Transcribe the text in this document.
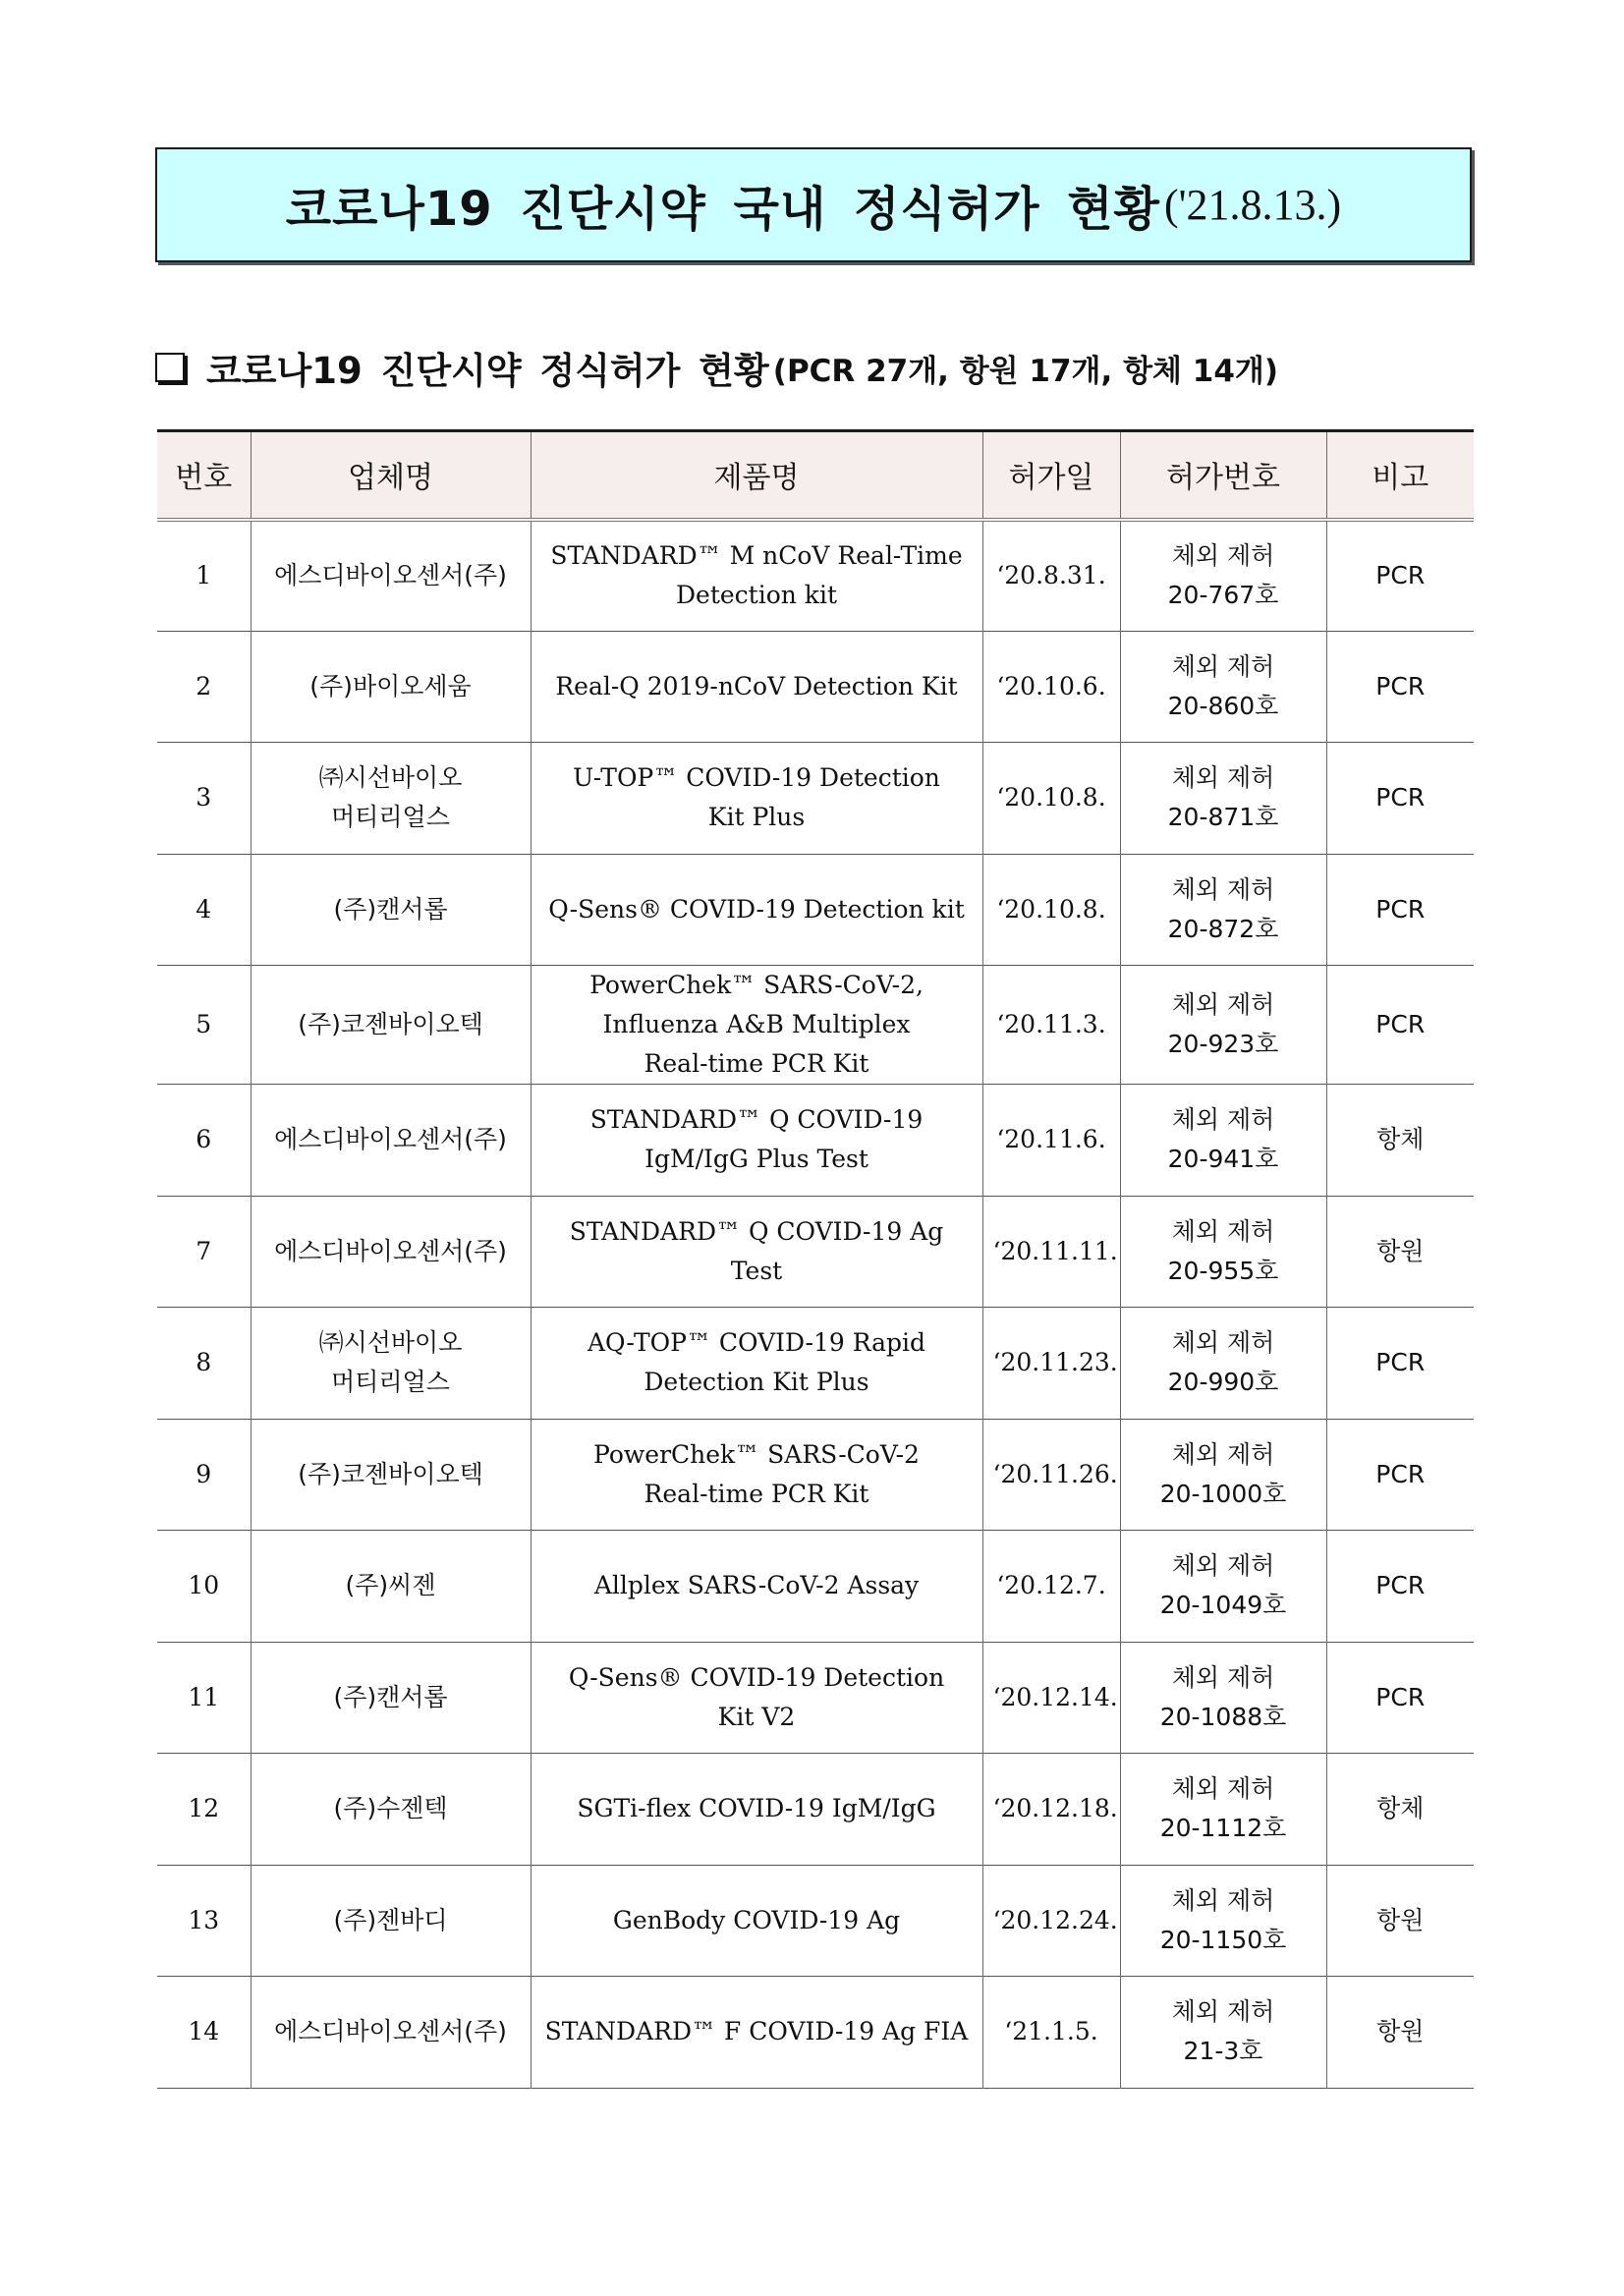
코로나19 진단시약 국내 정식허가 현황 ('21.8.13.)
코로나19 진단시약 정식허가 현황 (PCR 27개, 항원 17개, 항체 14개)
번호	업체명	제품명	허가일	허가번호	비고
1	에스디바이오센서(주)	STANDARD™ M nCoV Real-Time
Detection kit	‘20.8.31.	체외 제허
20-767호	PCR
2	(주)바이오세움	Real-Q 2019-nCoV Detection Kit	‘20.10.6.	체외 제허
20-860호	PCR
3	㈜시선바이오
머티리얼스	U-TOP™ COVID-19 Detection
Kit Plus	‘20.10.8.	체외 제허
20-871호	PCR
4	(주)캔서롭	Q-Sens® COVID-19 Detection kit	‘20.10.8.	체외 제허
20-872호	PCR
5	(주)코젠바이오텍	PowerChek™ SARS-CoV-2,
Influenza A&B Multiplex
Real-time PCR Kit	‘20.11.3.	체외 제허
20-923호	PCR
6	에스디바이오센서(주)	STANDARD™ Q COVID-19
IgM/IgG Plus Test	‘20.11.6.	체외 제허
20-941호	항체
7	에스디바이오센서(주)	STANDARD™ Q COVID-19 Ag
Test	‘20.11.11.	체외 제허
20-955호	항원
8	㈜시선바이오
머티리얼스	AQ-TOP™ COVID-19 Rapid
Detection Kit Plus	‘20.11.23.	체외 제허
20-990호	PCR
9	(주)코젠바이오텍	PowerChek™ SARS-CoV-2
Real-time PCR Kit	‘20.11.26.	체외 제허
20-1000호	PCR
10	(주)씨젠	Allplex SARS-CoV-2 Assay	‘20.12.7.	체외 제허
20-1049호	PCR
11	(주)캔서롭	Q-Sens® COVID-19 Detection
Kit V2	‘20.12.14.	체외 제허
20-1088호	PCR
12	(주)수젠텍	SGTi-flex COVID-19 IgM/IgG	‘20.12.18.	체외 제허
20-1112호	항체
13	(주)젠바디	GenBody COVID-19 Ag	‘20.12.24.	체외 제허
20-1150호	항원
14	에스디바이오센서(주)	STANDARD™ F COVID-19 Ag FIA	‘21.1.5.	체외 제허
21-3호	항원
